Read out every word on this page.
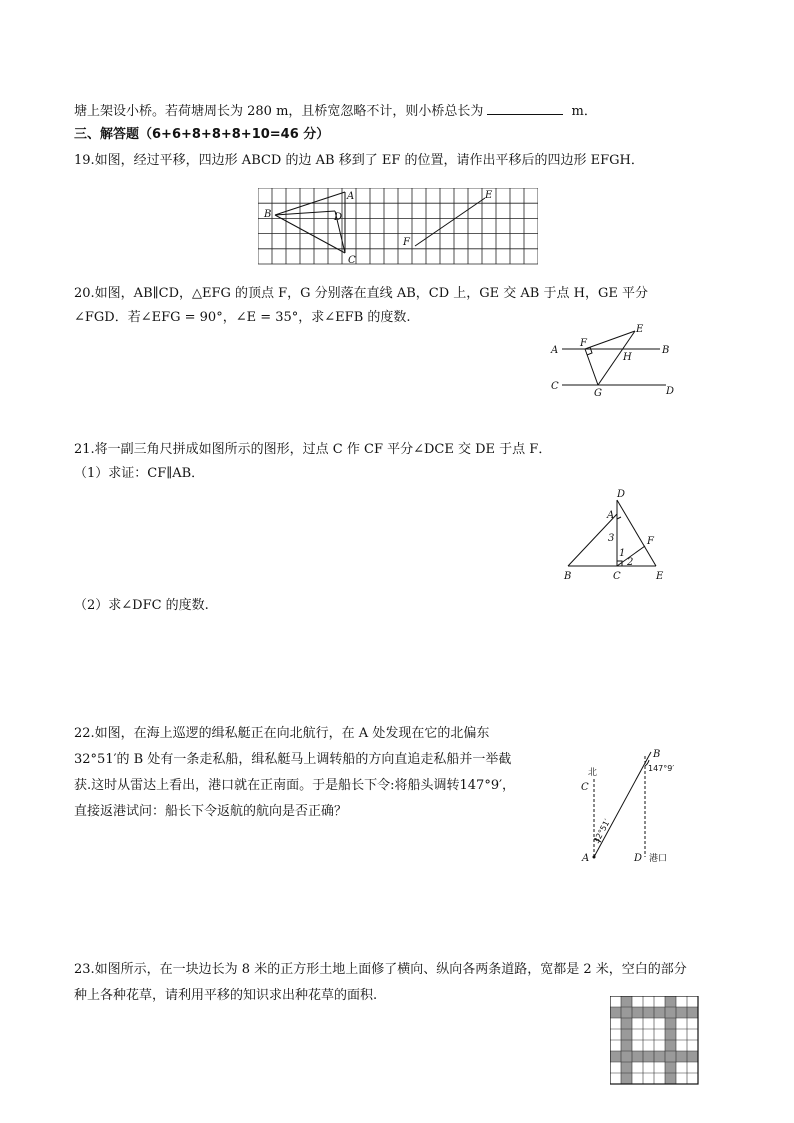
塘上架设小桥。若荷塘周长为 280 m，且桥宽忽略不计，则小桥总长为	m．
三、解答题（6+6+8+8+8+10=46 分）
19.如图，经过平移，四边形 ABCD 的边 AB 移到了 EF 的位置，请作出平移后的四边形 EFGH．
A
B	D
C
E
F
20.如图，AB∥CD，△EFG 的顶点 F，G 分别落在直线 AB，CD 上，GE 交 AB 于点 H，GE 平分
∠FGD．若∠EFG = 90°，∠E = 35°，求∠EFB 的度数.
A	B
C	D
E
F
G
H
21.将一副三角尺拼成如图所示的图形，过点 C 作 CF 平分∠DCE 交 DE 于点 F．
（1）求证：CF∥AB．
D
A
B	C	E
F
1
2
3
（2）求∠DFC 的度数.
22.如图，在海上巡逻的缉私艇正在向北航行，在 A 处发现在它的北偏东
32°51′的 B 处有一条走私船，缉私艇马上调转船的方向直追走私船并一举截
获.这时从雷达上看出，港口就在正南面。于是船长下令:将船头调转147°9′，
直接返港试问：船长下令返航的航向是否正确？
北
C
A
B
D 港口
147°9′
32°51′
23.如图所示，在一块边长为 8 米的正方形土地上面修了横向、纵向各两条道路，宽都是 2 米，空白的部分
种上各种花草，请利用平移的知识求出种花草的面积.
